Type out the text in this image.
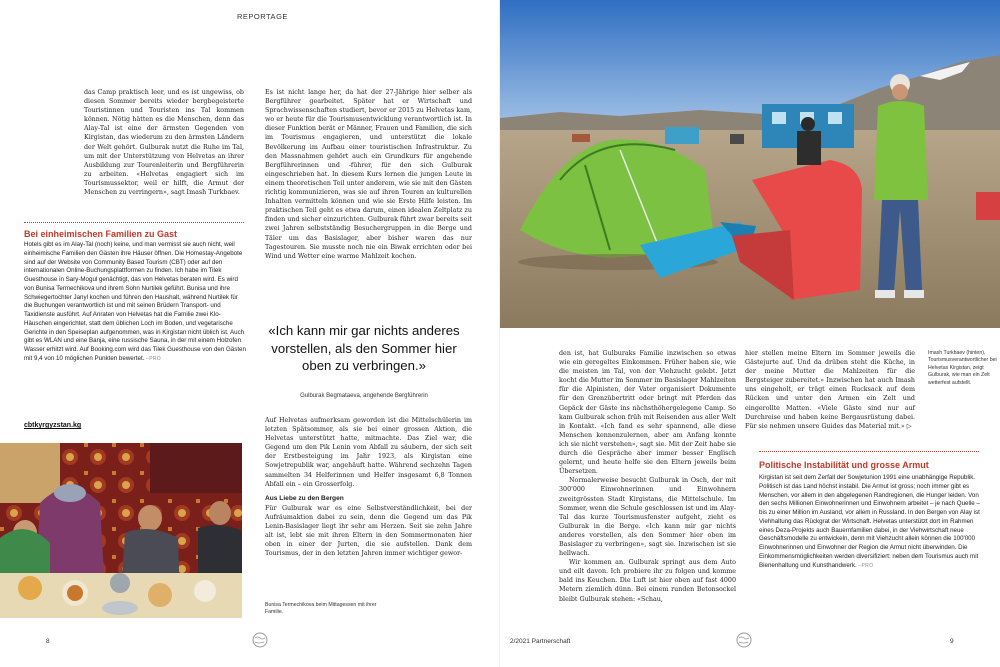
REPORTAGE

das Camp praktisch leer, und es ist ungewiss, ob diesen Sommer bereits wieder bergbegeisterte Touristinnen und Touristen ins Tal kommen können. Nötig hätten es die Menschen, denn das Alay-Tal ist eine der ärmsten Gegenden von Kirgistan, das wiederum zu den ärmsten Ländern der Welt gehört. Gulburak nutzt die Ruhe im Tal, um mit der Unterstützung von Helvetas an ihrer Ausbildung zur Tourenleiterin und Bergführerin zu arbeiten. «Helvetas engagiert sich im Tourismussektor, weil er hilft, die Armut der Menschen zu verringern», sagt Imash Turkbaev.

Bei einheimischen Familien zu Gast
Hotels gibt es im Alay-Tal (noch) keine, und man vermisst sie auch nicht, weil einheimische Familien den Gästen ihre Häuser öffnen. Die Homestay-Angebote sind auf der Website von Community Based Tourism (CBT) oder auf den internationalen Online-Buchungsplattformen zu finden. Ich habe im Tilek Guesthouse in Sary-Mogul genächtigt, das von Helvetas beraten wird. Es wird von Bunisa Termechikova und ihrem Sohn Nurtilek geführt. Bunisa und ihre Schwiegertochter Janyl kochen und führen den Haushalt, während Nurtilek für die Buchungen verantwortlich ist und mit seinen Brüdern Transport- und Taxidienste ausführt. Auf Anraten von Helvetas hat die Familie zwei Klo-Häuschen eingerichtet, statt dem üblichen Loch im Boden, und vegetarische Gerichte in den Speiseplan aufgenommen, was in Kirgistan nicht üblich ist. Auch gibt es WLAN und eine Banja, eine russische Sauna, in der mit einem Holzofen Wasser erhitzt wird. Auf Booking.com wird das Tilek Guesthouse von den Gästen mit 9,4 von 10 möglichen Punkten bewertet. –PRO
cbtkyrgyzstan.kg

Es ist nicht lange her, da hat der 27-Jährige hier selber als Bergführer gearbeitet. Später hat er Wirtschaft und Sprachwissenschaften studiert, bevor er 2015 zu Helvetas kam, wo er heute für die Tourismusentwicklung verantwortlich ist. In dieser Funktion berät er Männer, Frauen und Familien, die sich im Tourismus engagieren, und unterstützt die lokale Bevölkerung im Aufbau einer touristischen Infrastruktur. Zu den Massnahmen gehört auch ein Grundkurs für angehende Bergführerinnen und -führer, für den sich Gulburak eingeschrieben hat. In diesem Kurs lernen die jungen Leute in einem theoretischen Teil unter anderem, wie sie mit den Gästen richtig kommunizieren, was sie auf ihren Touren an kulturellen Inhalten vermitteln können und wie sie Erste Hilfe leisten. Im praktischen Teil geht es etwa darum, einen idealen Zeltplatz zu finden und sicher einzurichten. Gulburak führt zwar bereits seit zwei Jahren selbstständig Besuchergruppen in die Berge und Täler um das Basislager, aber bisher waren das nur Tagestouren. Sie musste noch nie ein Biwak errichten oder bei Wind und Wetter eine warme Mahlzeit kochen.

«Ich kann mir gar nichts anderes vorstellen, als den Sommer hier oben zu verbringen.»
Gulburak Begmataeva, angehende Bergführerin

Auf Helvetas aufmerksam geworden ist die Mittelschülerin im letzten Spätsommer, als sie bei einer grossen Aktion, die Helvetas unterstützt hatte, mitmachte. Das Ziel war, die Gegend um den Pik Lenin vom Abfall zu säubern, der sich seit der Erstbesteigung im Jahr 1923, als Kirgistan eine Sowjetrepublik war, angehäuft hatte. Während sechzehn Tagen sammelten 34 Helferinnen und Helfer insgesamt 6,8 Tonnen Abfall ein – ein Grosserfolg.

Aus Liebe zu den Bergen

Für Gulburak war es eine Selbstverständlichkeit, bei der Aufräumaktion dabei zu sein, denn die Gegend um das Pik Lenin-Basislager liegt ihr sehr am Herzen. Seit sie zehn Jahre alt ist, lebt sie mit ihren Eltern in den Sommermonaten hier oben in einer der Jurten, die sie aufstellen. Dank dem Tourismus, der in den letzten Jahren immer wichtiger gewor-

Bunisa Termechikova beim Mittagessen mit ihrer Familie.
8

den ist, hat Gulburaks Familie inzwischen so etwas wie ein geregeltes Einkommen. Früher haben sie, wie die meisten im Tal, von der Viehzucht gelebt. Jetzt kocht die Mutter im Sommer im Basislager Mahlzeiten für die Alpinisten, der Vater organisiert Dokumente für den Grenzübertritt oder bringt mit Pferden das Gepäck der Gäste ins nächsthöhergelegene Camp. So kam Gulburak schon früh mit Reisenden aus aller Welt in Kontakt. «Ich fand es sehr spannend, alle diese Menschen kennenzulernen, aber am Anfang konnte ich sie nicht verstehen», sagt sie. Mit der Zeit habe sie durch die Gespräche aber immer besser Englisch gelernt, und heute helfe sie den Eltern jeweils beim Übersetzen.

Normalerweise besucht Gulburak in Osch, der mit 300'000 Einwohnerinnen und Einwohnern zweitgrössten Stadt Kirgistans, die Mittelschule. Im Sommer, wenn die Schule geschlossen ist und im Alay-Tal das kurze Tourismusfenster aufgeht, zieht es Gulburak in die Berge. «Ich kann mir gar nichts anderes vorstellen, als den Sommer hier oben im Basislager zu verbringen», sagt sie. Inzwischen ist sie hellwach.

Wir kommen an. Gulburak springt aus dem Auto und eilt davon. Ich probiere ihr zu folgen und komme bald ins Keuchen. Die Luft ist hier oben auf fast 4000 Metern ziemlich dünn. Bei einem runden Betonsockel bleibt Gulburak stehen: «Schau,

hier stellen meine Eltern im Sommer jeweils die Gästejurte auf. Und da drüben steht die Küche, in der meine Mutter die Mahlzeiten für die Bergsteiger zubereitet.» Inzwischen hat auch Imash uns eingeholt, er trägt einen Rucksack auf dem Rücken und unter den Armen ein Zelt und eingerollte Matten. «Viele Gäste sind nur auf Durchreise und haben keine Bergausrüstung dabei. Für sie nehmen unsere Guides das Material mit.» ▷

Imash Turkbaev (hinten), Tourismusverantwortlicher bei Helvetas Kirgistan, zeigt Gulburak, wie man ein Zelt wetterfest aufstellt.
Politische Instabilität und grosse Armut
Kirgistan ist seit dem Zerfall der Sowjetunion 1991 eine unabhängige Republik. Politisch ist das Land höchst instabil. Die Armut ist gross; noch immer gibt es Menschen, vor allem in den abgelegenen Randregionen, die Hunger leiden. Von den sechs Millionen Einwohnerinnen und Einwohnern arbeitet – je nach Quelle – bis zu einer Million im Ausland, vor allem in Russland. In den Bergen von Alay ist Viehhaltung das Rückgrat der Wirtschaft. Helvetas unterstützt dort im Rahmen eines Deza-Projekts auch Bauernfamilien dabei, in der Viehwirtschaft neue Geschäftsmodelle zu entwickeln, denn mit Viehzucht allein können die 100'000 Einwohnerinnen und Einwohner der Region die Armut nicht überwinden. Die Einkommensmöglichkeiten werden diversifiziert: neben dem Tourismus auch mit Bienenhaltung und Kunsthandwerk. –PRO
2/2021 Partnerschaft	9
